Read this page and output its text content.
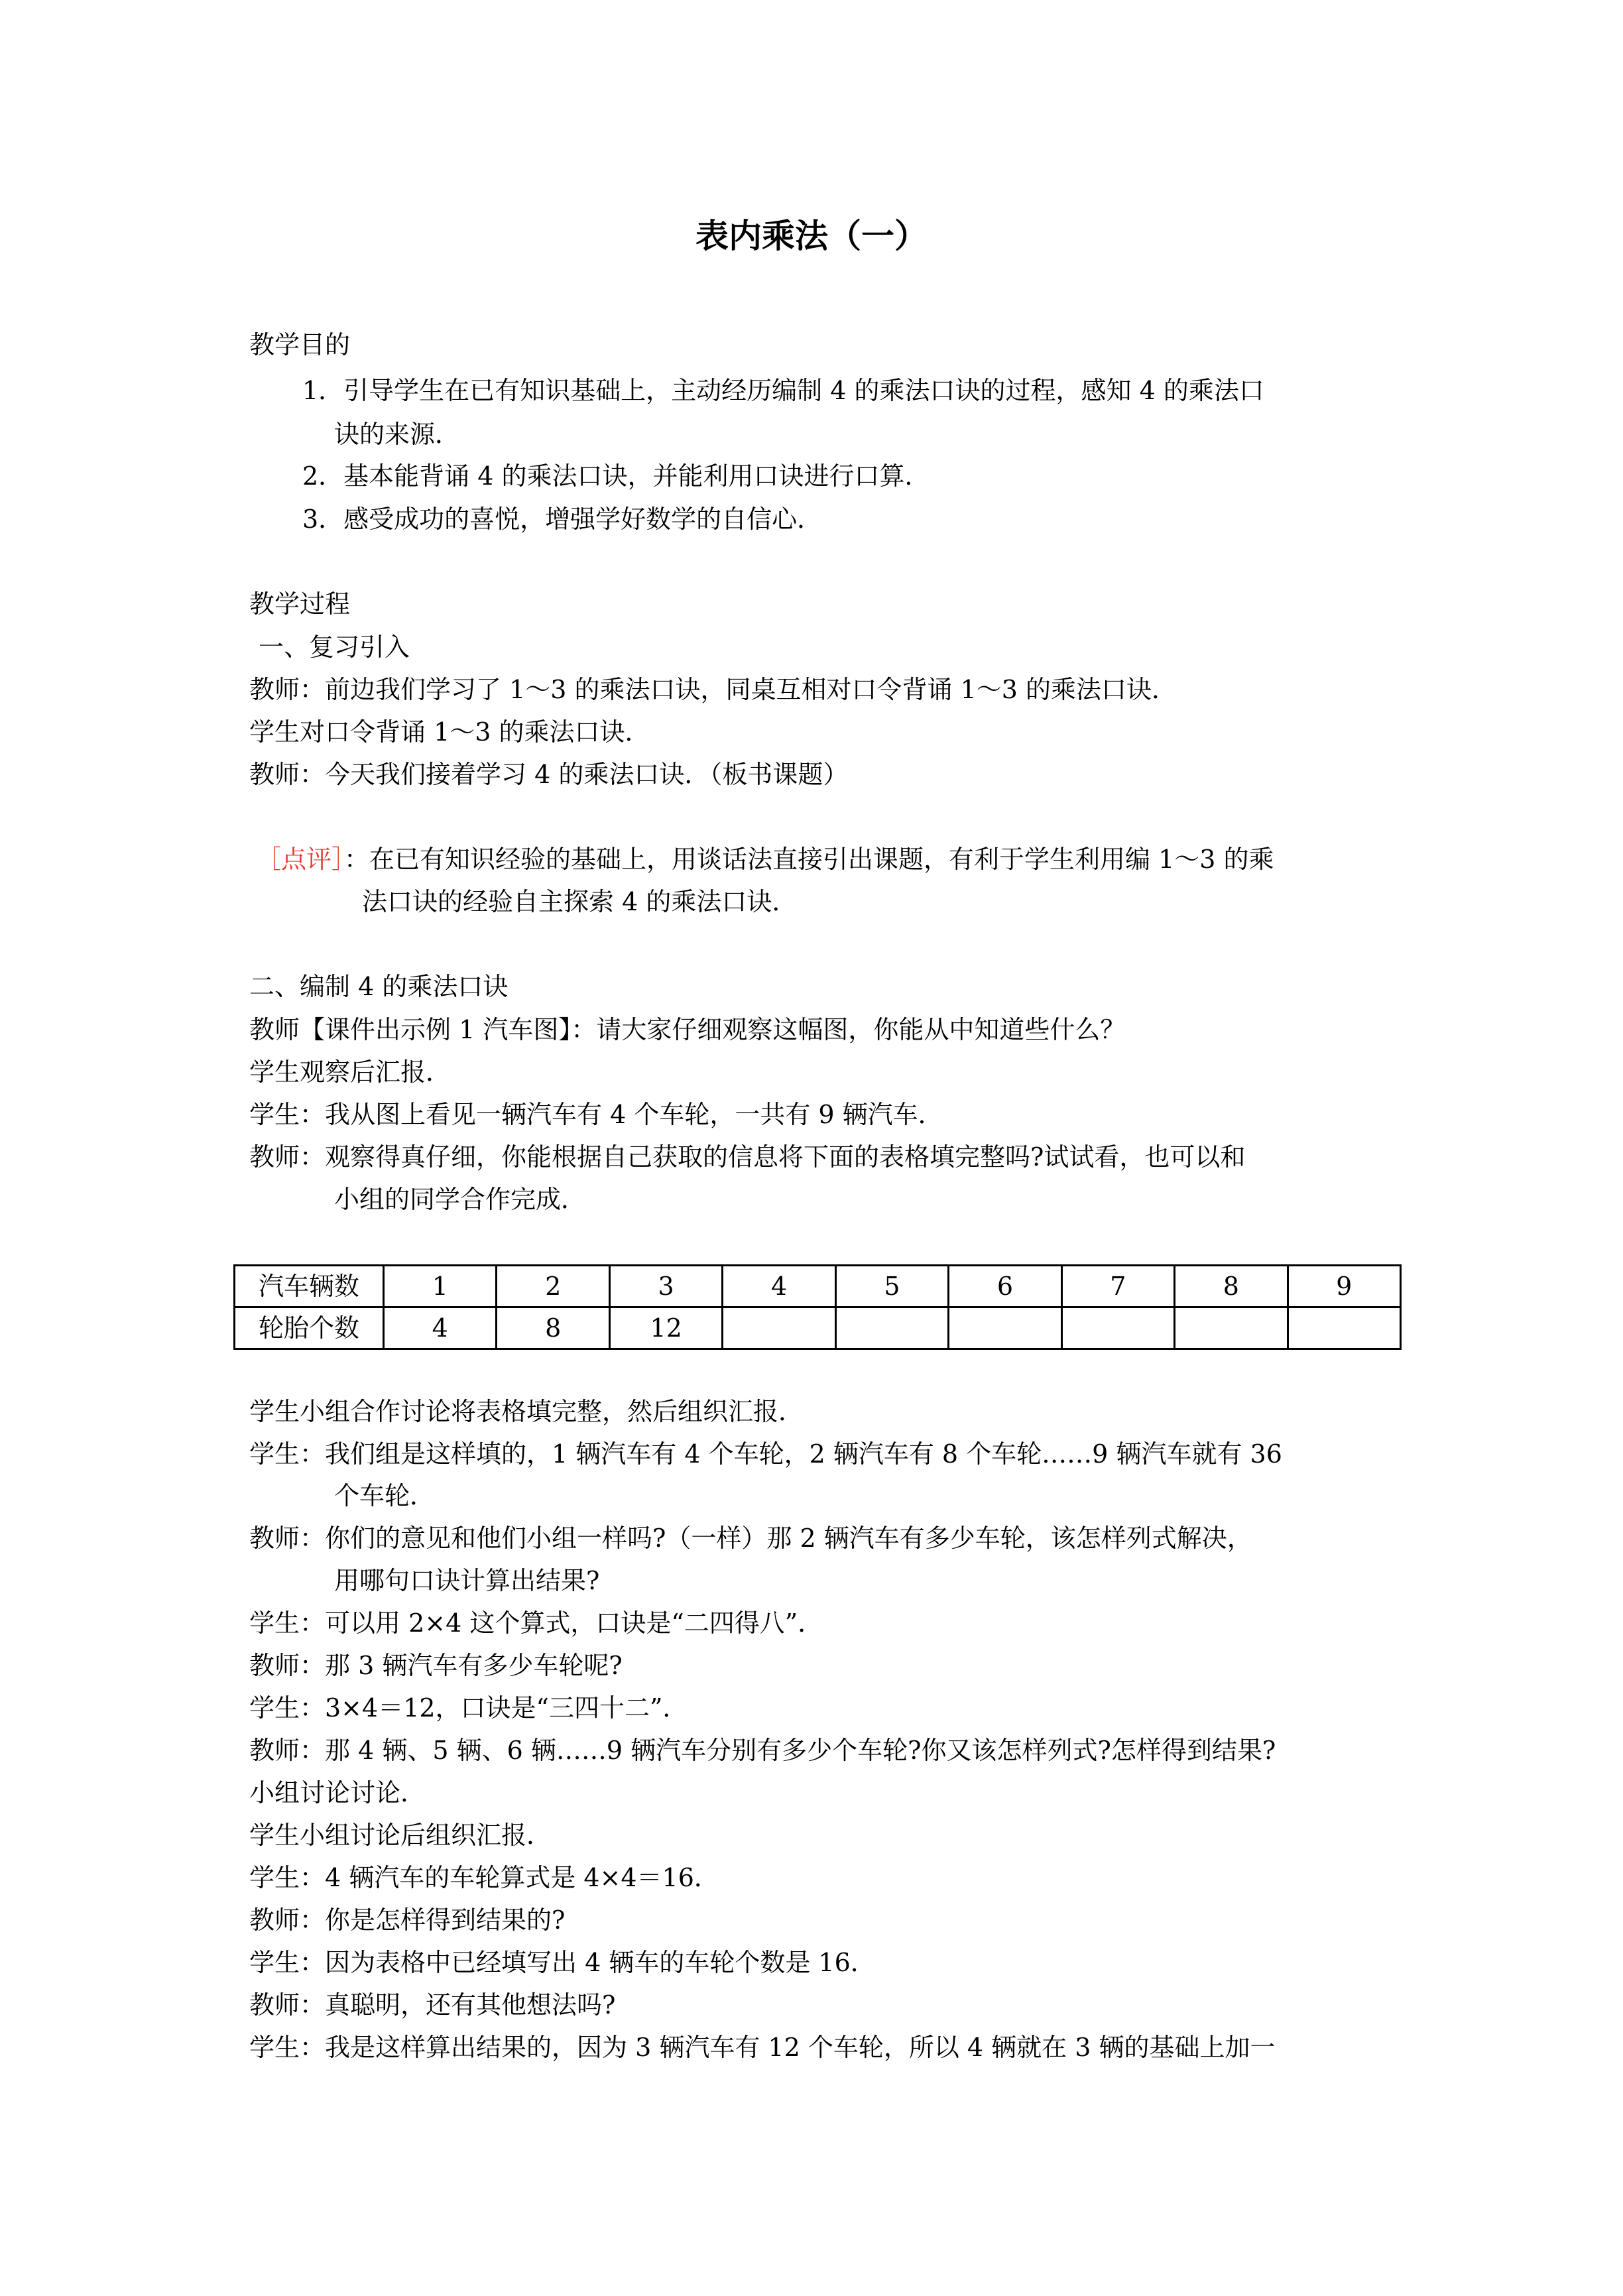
表内乘法（一）

教学目的

1．引导学生在已有知识基础上，主动经历编制 4 的乘法口诀的过程，感知 4 的乘法口

诀的来源．

2．基本能背诵 4 的乘法口诀，并能利用口诀进行口算．

3．感受成功的喜悦，增强学好数学的自信心．

教学过程

一、复习引入

教师：前边我们学习了 1～3 的乘法口诀，同桌互相对口令背诵 1～3 的乘法口诀．

学生对口令背诵 1～3 的乘法口诀．

教师：今天我们接着学习 4 的乘法口诀．（板书课题）

［点评］：在已有知识经验的基础上，用谈话法直接引出课题，有利于学生利用编 1～3 的乘

法口诀的经验自主探索 4 的乘法口诀．

二、编制 4 的乘法口诀

教师【课件出示例 1 汽车图】：请大家仔细观察这幅图，你能从中知道些什么？

学生观察后汇报．

学生：我从图上看见一辆汽车有 4 个车轮，一共有 9 辆汽车．

教师：观察得真仔细，你能根据自己获取的信息将下面的表格填完整吗?试试看，也可以和

小组的同学合作完成．

汽车辆数	1	2	3	4	5	6	7	8	9
轮胎个数	4	8	12						

学生小组合作讨论将表格填完整，然后组织汇报．

学生：我们组是这样填的，1 辆汽车有 4 个车轮，2 辆汽车有 8 个车轮……9 辆汽车就有 36

个车轮．

教师：你们的意见和他们小组一样吗?（一样）那 2 辆汽车有多少车轮，该怎样列式解决，

用哪句口诀计算出结果?

学生：可以用 2×4 这个算式，口诀是“二四得八”．

教师：那 3 辆汽车有多少车轮呢?

学生：3×4＝12，口诀是“三四十二”．

教师：那 4 辆、5 辆、6 辆……9 辆汽车分别有多少个车轮?你又该怎样列式?怎样得到结果?

小组讨论讨论．

学生小组讨论后组织汇报．

学生：4 辆汽车的车轮算式是 4×4＝16．

教师：你是怎样得到结果的?

学生：因为表格中已经填写出 4 辆车的车轮个数是 16．

教师：真聪明，还有其他想法吗?

学生：我是这样算出结果的，因为 3 辆汽车有 12 个车轮，所以 4 辆就在 3 辆的基础上加一
